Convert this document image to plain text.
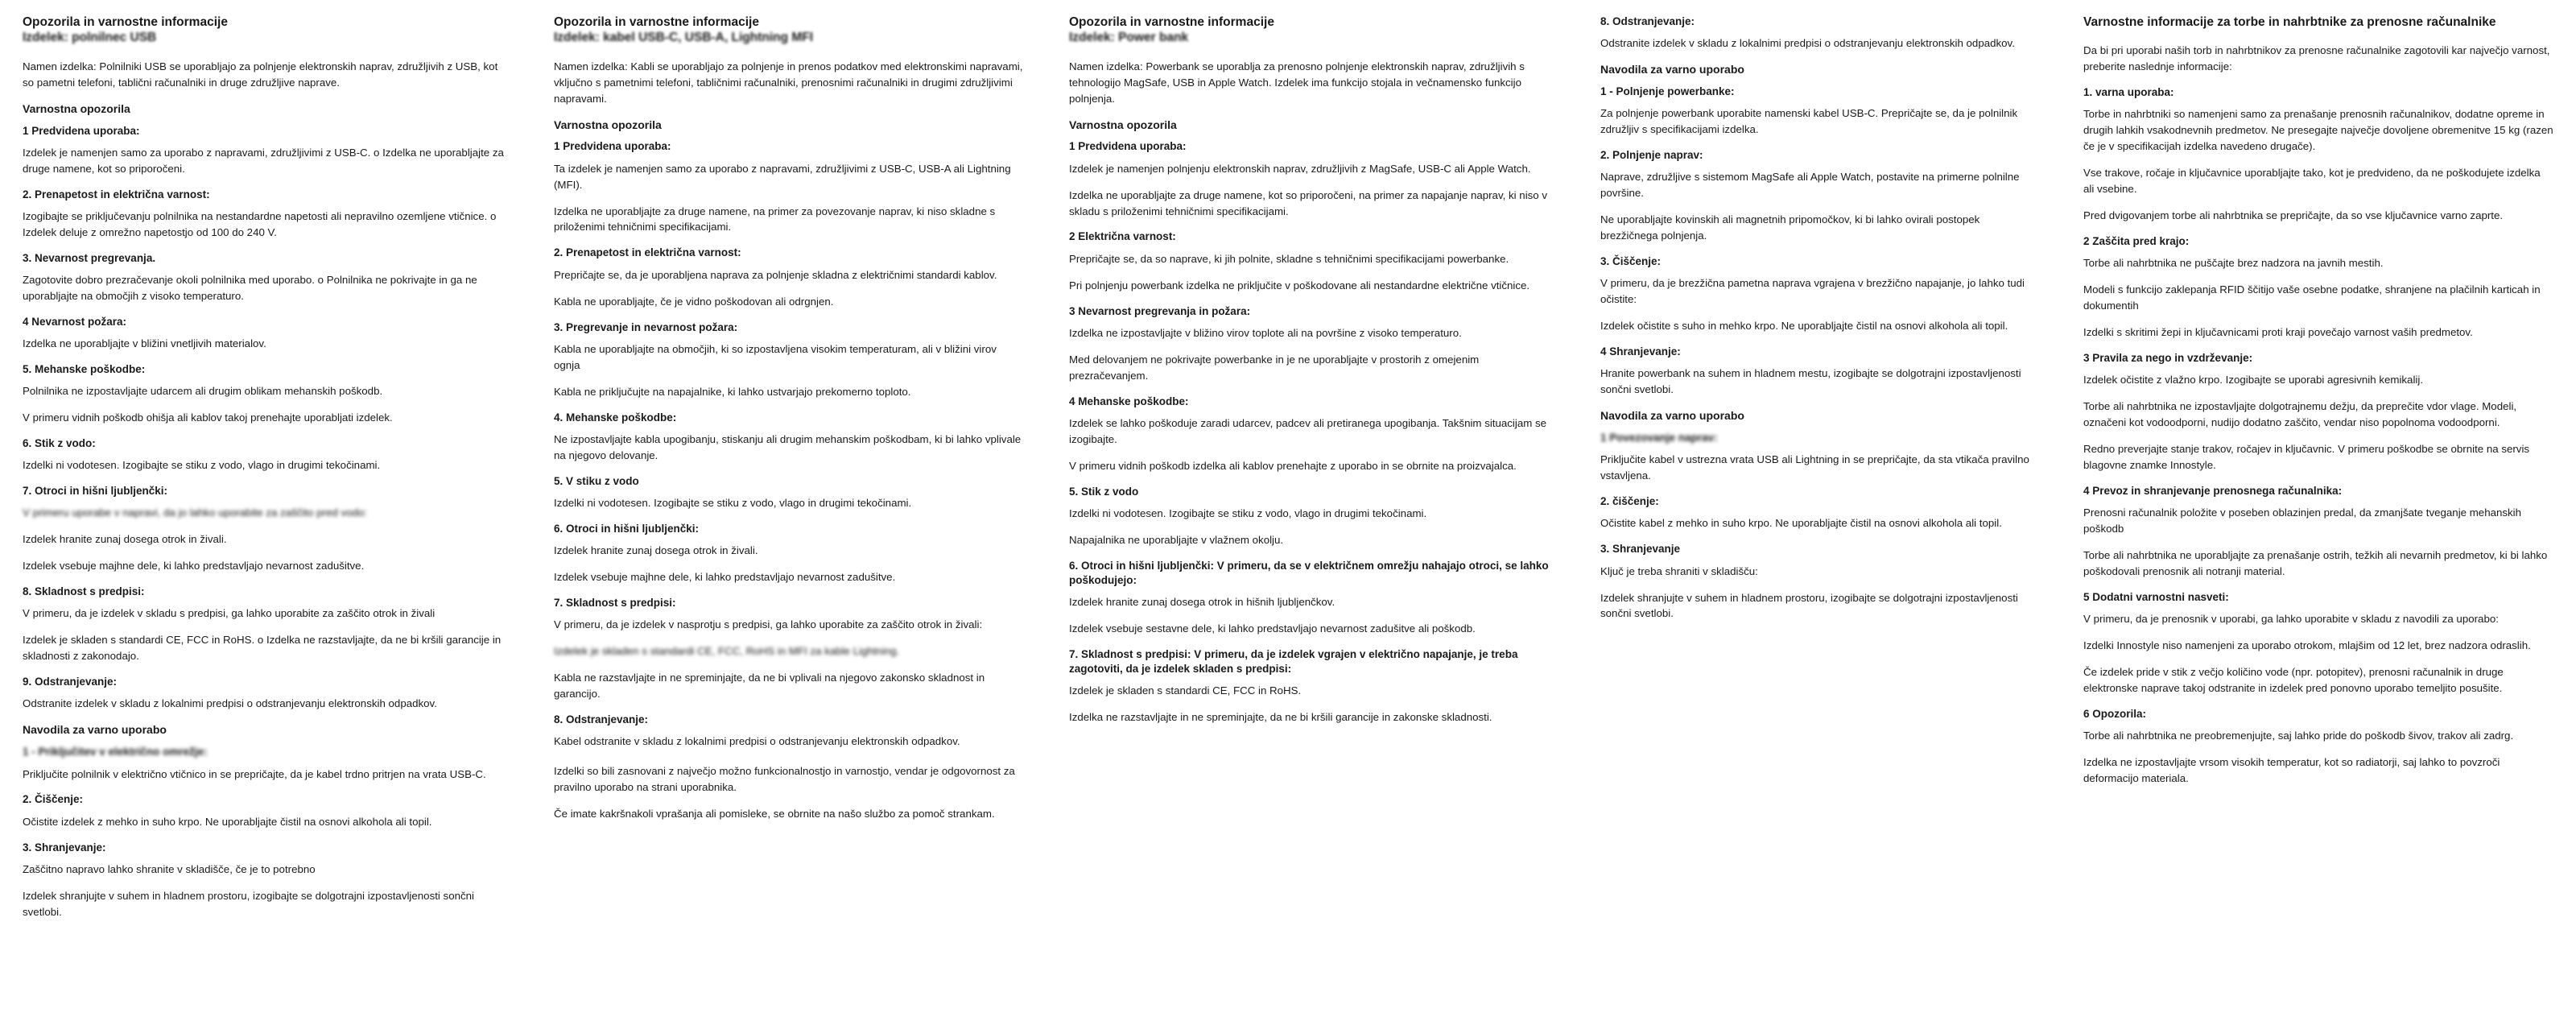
Opozorila in varnostne informacije
Izdelek: polnilnec USB

Namen izdelka: Polnilniki USB se uporabljajo za polnjenje elektronskih naprav, združljivih z USB, kot so pametni telefoni, tablični računalniki in druge združljive naprave.

Varnostna opozorila
1 Predvidena uporaba:

Izdelek je namenjen samo za uporabo z napravami, združljivimi z USB-C. o Izdelka ne uporabljajte za druge namene, kot so priporočeni.

2. Prenapetost in električna varnost:

Izogibajte se priključevanju polnilnika na nestandardne napetosti ali nepravilno ozemljene vtičnice. o Izdelek deluje z omrežno napetostjo od 100 do 240 V.

3. Nevarnost pregrevanja.

Zagotovite dobro prezračevanje okoli polnilnika med uporabo. o Polnilnika ne pokrivajte in ga ne uporabljajte na območjih z visoko temperaturo.

4 Nevarnost požara:

Izdelka ne uporabljajte v bližini vnetljivih materialov.

5. Mehanske poškodbe:

Polnilnika ne izpostavljajte udarcem ali drugim oblikam mehanskih poškodb.

V primeru vidnih poškodb ohišja ali kablov takoj prenehajte uporabljati izdelek.

6. Stik z vodo:

Izdelki ni vodotesen. Izogibajte se stiku z vodo, vlago in drugimi tekočinami.

7. Otroci in hišni ljubljenčki:

V primeru uporabe v napravi, da jo lahko uporabite za zaščito pred vodo:

Izdelek hranite zunaj dosega otrok in živali.

Izdelek vsebuje majhne dele, ki lahko predstavljajo nevarnost zadušitve.

8. Skladnost s predpisi:

V primeru, da je izdelek v skladu s predpisi, ga lahko uporabite za zaščito otrok in živali

Izdelek je skladen s standardi CE, FCC in RoHS. o Izdelka ne razstavljajte, da ne bi kršili garancije in skladnosti z zakonodajo.

9. Odstranjevanje:

Odstranite izdelek v skladu z lokalnimi predpisi o odstranjevanju elektronskih odpadkov.

Navodila za varno uporabo
1 - Priključitev v električno omrežje:

Priključite polnilnik v električno vtičnico in se prepričajte, da je kabel trdno pritrjen na vrata USB-C.

2. Čiščenje:

Očistite izdelek z mehko in suho krpo. Ne uporabljajte čistil na osnovi alkohola ali topil.

3. Shranjevanje:

Zaščitno napravo lahko shranite v skladišče, če je to potrebno

Izdelek shranjujte v suhem in hladnem prostoru, izogibajte se dolgotrajni izpostavljenosti sončni svetlobi.

Opozorila in varnostne informacije
Izdelek: kabel USB-C, USB-A, Lightning MFI

Namen izdelka: Kabli se uporabljajo za polnjenje in prenos podatkov med elektronskimi napravami, vključno s pametnimi telefoni, tabličnimi računalniki, prenosnimi računalniki in drugimi združljivimi napravami.

Varnostna opozorila
1 Predvidena uporaba:

Ta izdelek je namenjen samo za uporabo z napravami, združljivimi z USB-C, USB-A ali Lightning (MFI).

Izdelka ne uporabljajte za druge namene, na primer za povezovanje naprav, ki niso skladne s priloženimi tehničnimi specifikacijami.

2. Prenapetost in električna varnost:

Prepričajte se, da je uporabljena naprava za polnjenje skladna z električnimi standardi kablov.

Kabla ne uporabljajte, če je vidno poškodovan ali odrgnjen.

3. Pregrevanje in nevarnost požara:

Kabla ne uporabljajte na območjih, ki so izpostavljena visokim temperaturam, ali v bližini virov ognja

Kabla ne priključujte na napajalnike, ki lahko ustvarjajo prekomerno toploto.

4. Mehanske poškodbe:

Ne izpostavljajte kabla upogibanju, stiskanju ali drugim mehanskim poškodbam, ki bi lahko vplivale na njegovo delovanje.

5. V stiku z vodo

Izdelki ni vodotesen. Izogibajte se stiku z vodo, vlago in drugimi tekočinami.

6. Otroci in hišni ljubljenčki:

Izdelek hranite zunaj dosega otrok in živali.

Izdelek vsebuje majhne dele, ki lahko predstavljajo nevarnost zadušitve.

7. Skladnost s predpisi:

V primeru, da je izdelek v nasprotju s predpisi, ga lahko uporabite za zaščito otrok in živali:

Izdelek je skladen s standardi CE, FCC, RoHS in MFI za kable Lightning.

Kabla ne razstavljajte in ne spreminjajte, da ne bi vplivali na njegovo zakonsko skladnost in garancijo.

8. Odstranjevanje:

Kabel odstranite v skladu z lokalnimi predpisi o odstranjevanju elektronskih odpadkov.

Izdelki so bili zasnovani z največjo možno funkcionalnostjo in varnostjo, vendar je odgovornost za pravilno uporabo na strani uporabnika.

Če imate kakršnakoli vprašanja ali pomisleke, se obrnite na našo službo za pomoč strankam.

Opozorila in varnostne informacije
Izdelek: Power bank

Namen izdelka: Powerbank se uporablja za prenosno polnjenje elektronskih naprav, združljivih s tehnologijo MagSafe, USB in Apple Watch. Izdelek ima funkcijo stojala in večnamensko funkcijo polnjenja.

Varnostna opozorila
1 Predvidena uporaba:

Izdelek je namenjen polnjenju elektronskih naprav, združljivih z MagSafe, USB-C ali Apple Watch.

Izdelka ne uporabljajte za druge namene, kot so priporočeni, na primer za napajanje naprav, ki niso v skladu s priloženimi tehničnimi specifikacijami.

2 Električna varnost:

Prepričajte se, da so naprave, ki jih polnite, skladne s tehničnimi specifikacijami powerbanke.

Pri polnjenju powerbank izdelka ne priključite v poškodovane ali nestandardne električne vtičnice.

3 Nevarnost pregrevanja in požara:

Izdelka ne izpostavljajte v bližino virov toplote ali na površine z visoko temperaturo.

Med delovanjem ne pokrivajte powerbanke in je ne uporabljajte v prostorih z omejenim prezračevanjem.

4 Mehanske poškodbe:

Izdelek se lahko poškoduje zaradi udarcev, padcev ali pretiranega upogibanja. Takšnim situacijam se izogibajte.

V primeru vidnih poškodb izdelka ali kablov prenehajte z uporabo in se obrnite na proizvajalca.

5. Stik z vodo

Izdelki ni vodotesen. Izogibajte se stiku z vodo, vlago in drugimi tekočinami.

Napajalnika ne uporabljajte v vlažnem okolju.

6. Otroci in hišni ljubljenčki: V primeru, da se v električnem omrežju nahajajo otroci, se lahko poškodujejo:

Izdelek hranite zunaj dosega otrok in hišnih ljubljenčkov.

Izdelek vsebuje sestavne dele, ki lahko predstavljajo nevarnost zadušitve ali poškodb.

7. Skladnost s predpisi: V primeru, da je izdelek vgrajen v električno napajanje, je treba zagotoviti, da je izdelek skladen s predpisi:

Izdelek je skladen s standardi CE, FCC in RoHS.

Izdelka ne razstavljajte in ne spreminjajte, da ne bi kršili garancije in zakonske skladnosti.

8. Odstranjevanje:

Odstranite izdelek v skladu z lokalnimi predpisi o odstranjevanju elektronskih odpadkov.

Navodila za varno uporabo
1 - Polnjenje powerbanke:

Za polnjenje powerbank uporabite namenski kabel USB-C. Prepričajte se, da je polnilnik združljiv s specifikacijami izdelka.

2. Polnjenje naprav:

Naprave, združljive s sistemom MagSafe ali Apple Watch, postavite na primerne polnilne površine.

Ne uporabljajte kovinskih ali magnetnih pripomočkov, ki bi lahko ovirali postopek brezžičnega polnjenja.

3. Čiščenje:

V primeru, da je brezžična pametna naprava vgrajena v brezžično napajanje, jo lahko tudi očistite:

Izdelek očistite s suho in mehko krpo. Ne uporabljajte čistil na osnovi alkohola ali topil.

4 Shranjevanje:

Hranite powerbank na suhem in hladnem mestu, izogibajte se dolgotrajni izpostavljenosti sončni svetlobi.

Navodila za varno uporabo
1 Povezovanje naprav:

Priključite kabel v ustrezna vrata USB ali Lightning in se prepričajte, da sta vtikača pravilno vstavljena.

2. čiščenje:

Očistite kabel z mehko in suho krpo. Ne uporabljajte čistil na osnovi alkohola ali topil.

3. Shranjevanje

Ključ je treba shraniti v skladišču:

Izdelek shranjujte v suhem in hladnem prostoru, izogibajte se dolgotrajni izpostavljenosti sončni svetlobi.

Varnostne informacije za torbe in nahrbtnike za prenosne računalnike

Da bi pri uporabi naših torb in nahrbtnikov za prenosne računalnike zagotovili kar največjo varnost, preberite naslednje informacije:

1. varna uporaba:

Torbe in nahrbtniki so namenjeni samo za prenašanje prenosnih računalnikov, dodatne opreme in drugih lahkih vsakodnevnih predmetov. Ne presegajte največje dovoljene obremenitve 15 kg (razen če je v specifikacijah izdelka navedeno drugače).

Vse trakove, ročaje in ključavnice uporabljajte tako, kot je predvideno, da ne poškodujete izdelka ali vsebine.

Pred dvigovanjem torbe ali nahrbtnika se prepričajte, da so vse ključavnice varno zaprte.

2 Zaščita pred krajo:

Torbe ali nahrbtnika ne puščajte brez nadzora na javnih mestih.

Modeli s funkcijo zaklepanja RFID ščitijo vaše osebne podatke, shranjene na plačilnih karticah in dokumentih

Izdelki s skritimi žepi in ključavnicami proti kraji povečajo varnost vaših predmetov.

3 Pravila za nego in vzdrževanje:

Izdelek očistite z vlažno krpo. Izogibajte se uporabi agresivnih kemikalij.

Torbe ali nahrbtnika ne izpostavljajte dolgotrajnemu dežju, da preprečite vdor vlage. Modeli, označeni kot vodoodporni, nudijo dodatno zaščito, vendar niso popolnoma vodoodporni.

Redno preverjajte stanje trakov, ročajev in ključavnic. V primeru poškodbe se obrnite na servis blagovne znamke Innostyle.

4 Prevoz in shranjevanje prenosnega računalnika:

Prenosni računalnik položite v poseben oblazinjen predal, da zmanjšate tveganje mehanskih poškodb

Torbe ali nahrbtnika ne uporabljajte za prenašanje ostrih, težkih ali nevarnih predmetov, ki bi lahko poškodovali prenosnik ali notranji material.

5 Dodatni varnostni nasveti:

V primeru, da je prenosnik v uporabi, ga lahko uporabite v skladu z navodili za uporabo:

Izdelki Innostyle niso namenjeni za uporabo otrokom, mlajšim od 12 let, brez nadzora odraslih.

Če izdelek pride v stik z večjo količino vode (npr. potopitev), prenosni računalnik in druge elektronske naprave takoj odstranite in izdelek pred ponovno uporabo temeljito posušite.

6 Opozorila:

Torbe ali nahrbtnika ne preobremenjujte, saj lahko pride do poškodb šivov, trakov ali zadrg.

Izdelka ne izpostavljajte vrsom visokih temperatur, kot so radiatorji, saj lahko to povzroči deformacijo materiala.
